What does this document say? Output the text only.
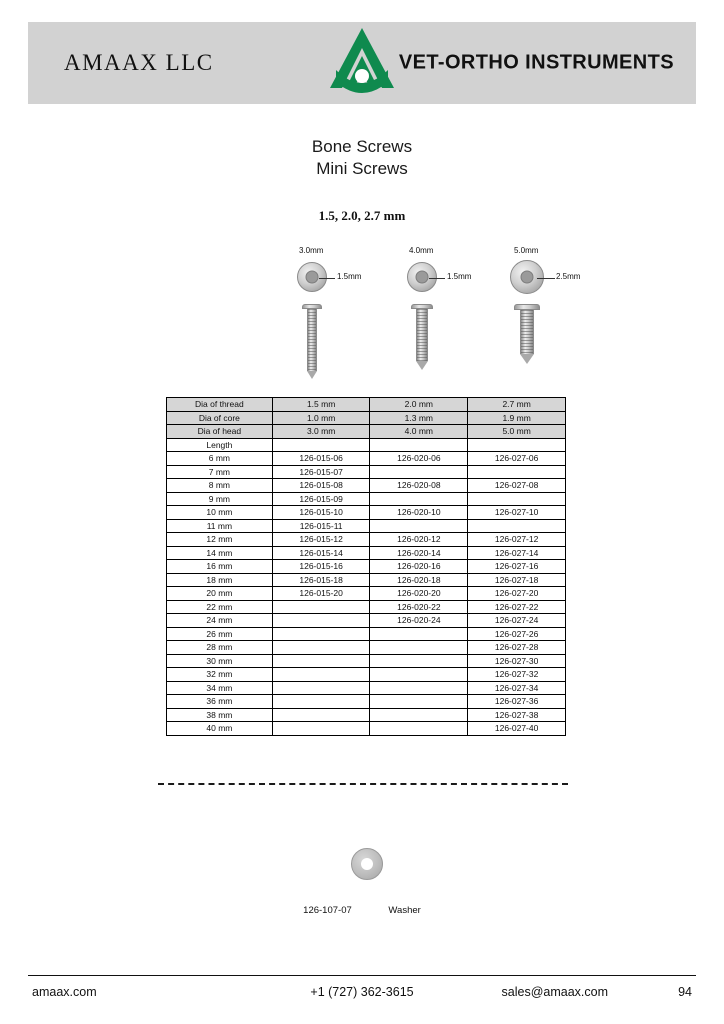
AMAAX LLC	VET-ORTHO INSTRUMENTS
Bone Screws
Mini Screws
1.5, 2.0, 2.7 mm
3.0mm
1.5mm
4.0mm
1.5mm
5.0mm
2.5mm
Dia of thread	1.5 mm	2.0 mm	2.7 mm
Dia of core	1.0 mm	1.3 mm	1.9 mm
Dia of head	3.0 mm	4.0 mm	5.0 mm
Length			
6 mm	126-015-06	126-020-06	126-027-06
7 mm	126-015-07		
8 mm	126-015-08	126-020-08	126-027-08
9 mm	126-015-09		
10 mm	126-015-10	126-020-10	126-027-10
11 mm	126-015-11		
12 mm	126-015-12	126-020-12	126-027-12
14 mm	126-015-14	126-020-14	126-027-14
16 mm	126-015-16	126-020-16	126-027-16
18 mm	126-015-18	126-020-18	126-027-18
20 mm	126-015-20	126-020-20	126-027-20
22 mm		126-020-22	126-027-22
24 mm		126-020-24	126-027-24
26 mm			126-027-26
28 mm			126-027-28
30 mm			126-027-30
32 mm			126-027-32
34 mm			126-027-34
36 mm			126-027-36
38 mm			126-027-38
40 mm			126-027-40
126-107-07	Washer
amaax.com	+1 (727) 362-3615	sales@amaax.com	94
